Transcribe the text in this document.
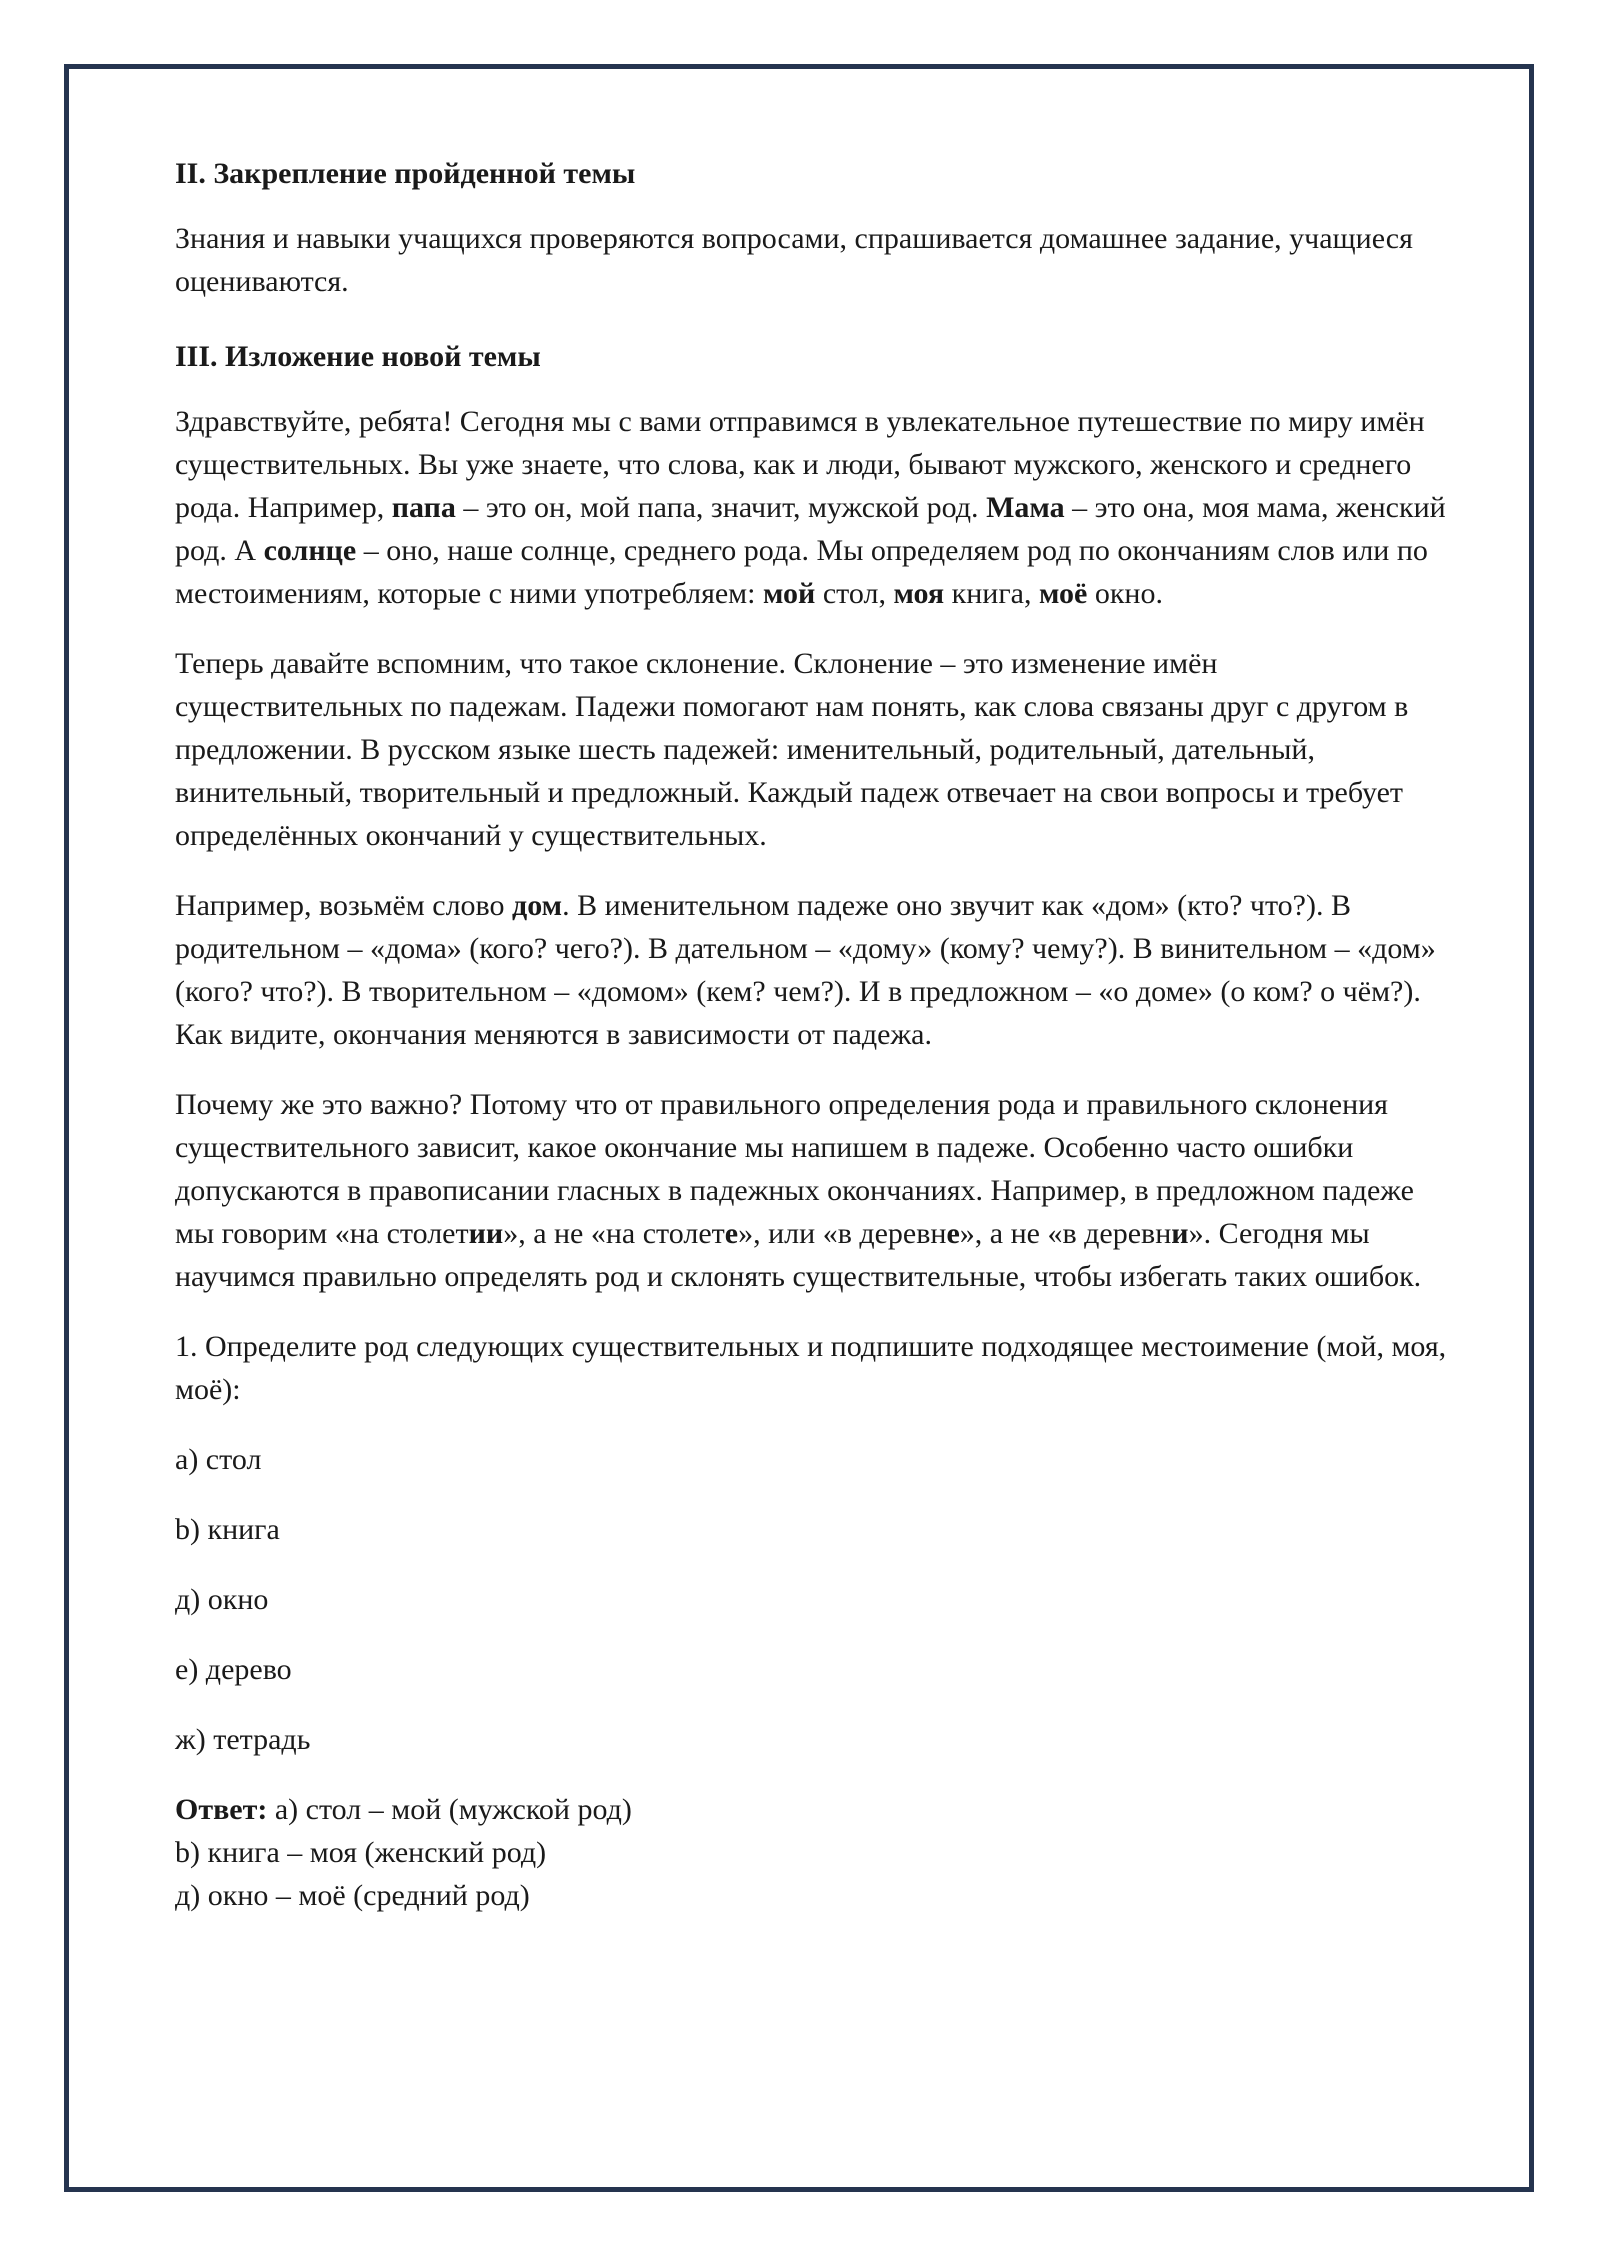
II. Закрепление пройденной темы

Знания и навыки учащихся проверяются вопросами, спрашивается домашнее задание, учащиеся оцениваются.

III. Изложение новой темы

Здравствуйте, ребята! Сегодня мы с вами отправимся в увлекательное путешествие по миру имён существительных. Вы уже знаете, что слова, как и люди, бывают мужского, женского и среднего рода. Например, папа – это он, мой папа, значит, мужской род. Мама – это она, моя мама, женский род. А солнце – оно, наше солнце, среднего рода. Мы определяем род по окончаниям слов или по местоимениям, которые с ними употребляем: мой стол, моя книга, моё окно.

Теперь давайте вспомним, что такое склонение. Склонение – это изменение имён существительных по падежам. Падежи помогают нам понять, как слова связаны друг с другом в предложении. В русском языке шесть падежей: именительный, родительный, дательный, винительный, творительный и предложный. Каждый падеж отвечает на свои вопросы и требует определённых окончаний у существительных.

Например, возьмём слово дом. В именительном падеже оно звучит как «дом» (кто? что?). В родительном – «дома» (кого? чего?). В дательном – «дому» (кому? чему?). В винительном – «дом» (кого? что?). В творительном – «домом» (кем? чем?). И в предложном – «о доме» (о ком? о чём?). Как видите, окончания меняются в зависимости от падежа.

Почему же это важно? Потому что от правильного определения рода и правильного склонения существительного зависит, какое окончание мы напишем в падеже. Особенно часто ошибки допускаются в правописании гласных в падежных окончаниях. Например, в предложном падеже мы говорим «на столетии», а не «на столете», или «в деревне», а не «в деревни». Сегодня мы научимся правильно определять род и склонять существительные, чтобы избегать таких ошибок.

1. Определите род следующих существительных и подпишите подходящее местоимение (мой, моя, моё):

a) стол

b) книга

д) окно

е) дерево

ж) тетрадь

Ответ: a) стол – мой (мужской род)

b) книга – моя (женский род)

д) окно – моё (средний род)
